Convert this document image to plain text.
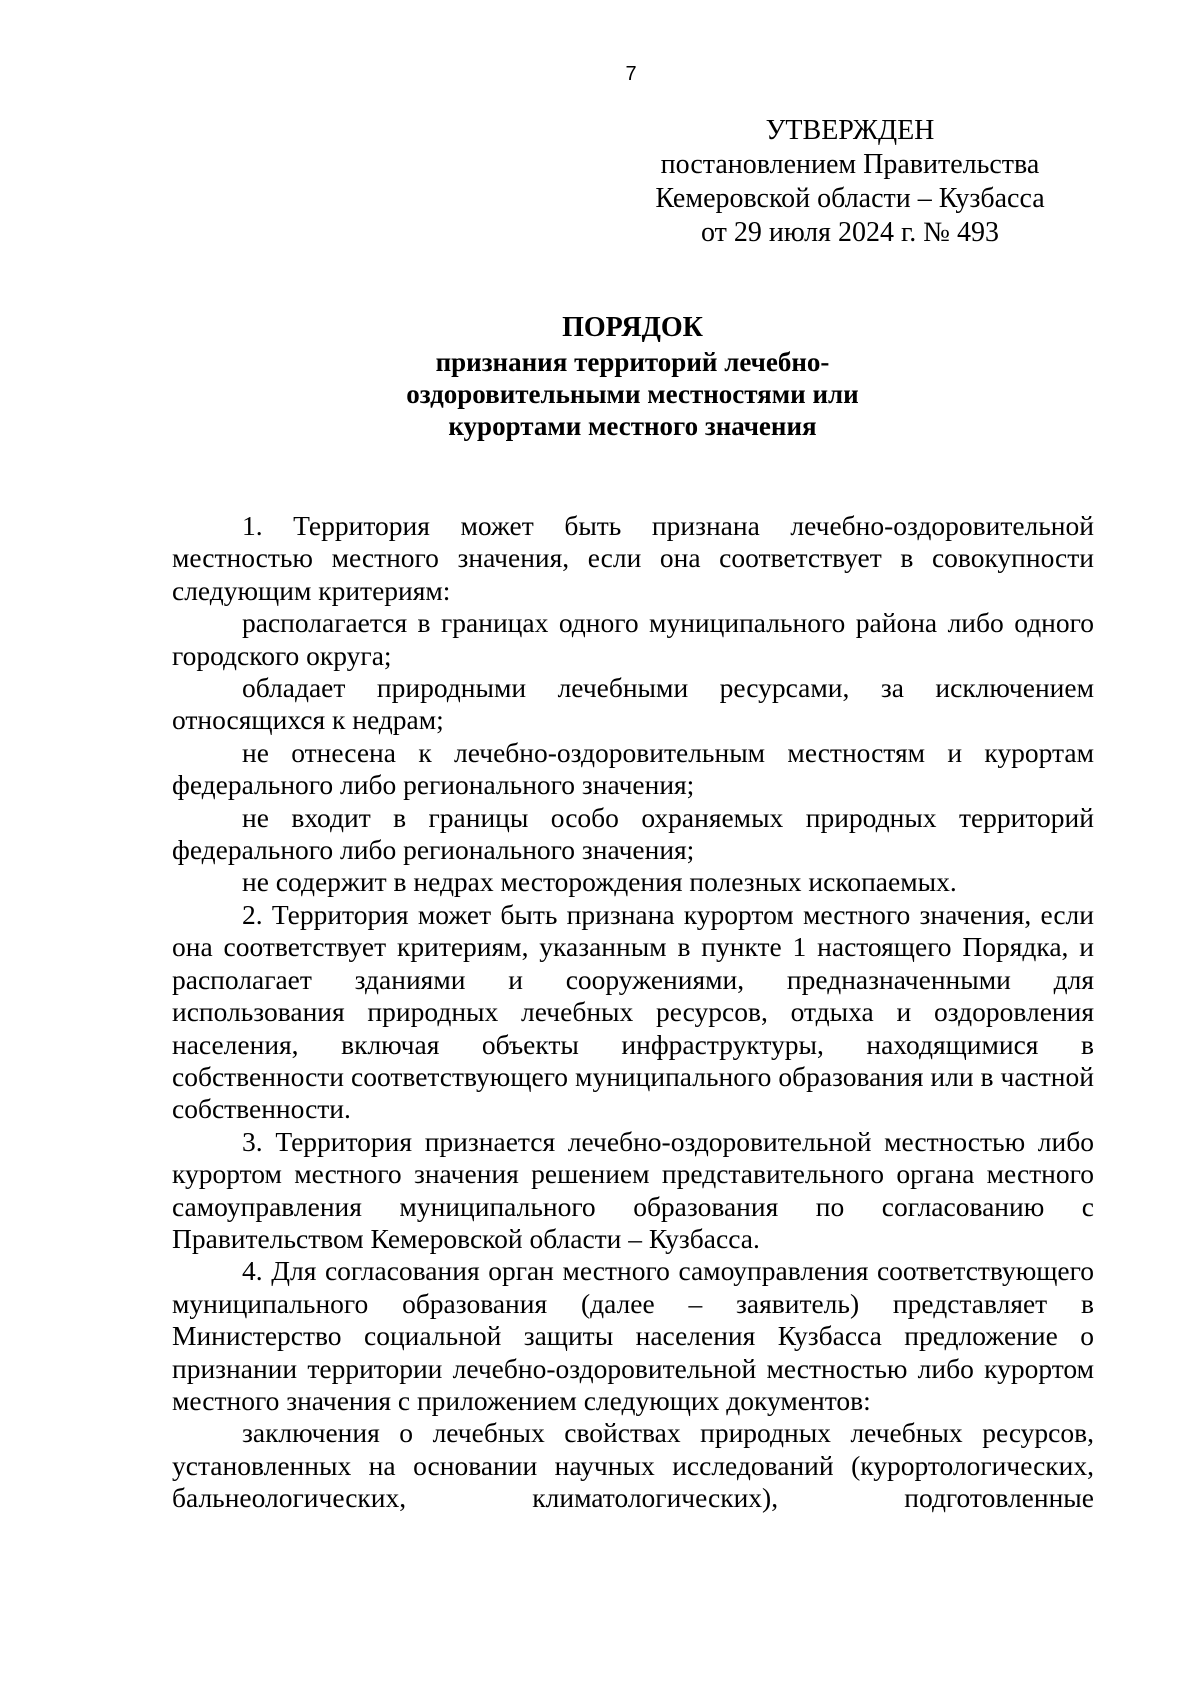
7
УТВЕРЖДЕН
постановлением Правительства
Кемеровской области – Кузбасса
от 29 июля 2024 г. № 493
ПОРЯДОК
признания территорий лечебно-
оздоровительными местностями или
курортами местного значения

1. Территория может быть признана лечебно-оздоровительной местностью местного значения, если она соответствует в совокупности следующим критериям:

располагается в границах одного муниципального района либо одного городского округа;

обладает природными лечебными ресурсами, за исключением относящихся к недрам;

не отнесена к лечебно-оздоровительным местностям и курортам федерального либо регионального значения;

не входит в границы особо охраняемых природных территорий федерального либо регионального значения;

не содержит в недрах месторождения полезных ископаемых.

2. Территория может быть признана курортом местного значения, если она соответствует критериям, указанным в пункте 1 настоящего Порядка, и располагает зданиями и сооружениями, предназначенными для использования природных лечебных ресурсов, отдыха и оздоровления населения, включая объекты инфраструктуры, находящимися в собственности соответствующего муниципального образования или в частной собственности.

3. Территория признается лечебно-оздоровительной местностью либо курортом местного значения решением представительного органа местного самоуправления муниципального образования по согласованию с Правительством Кемеровской области – Кузбасса.

4. Для согласования орган местного самоуправления соответствующего муниципального образования (далее – заявитель) представляет в Министерство социальной защиты населения Кузбасса предложение о признании территории лечебно-оздоровительной местностью либо курортом местного значения с приложением следующих документов:

заключения о лечебных свойствах природных лечебных ресурсов, установленных на основании научных исследований (курортологических, бальнеологических, климатологических), подготовленные
